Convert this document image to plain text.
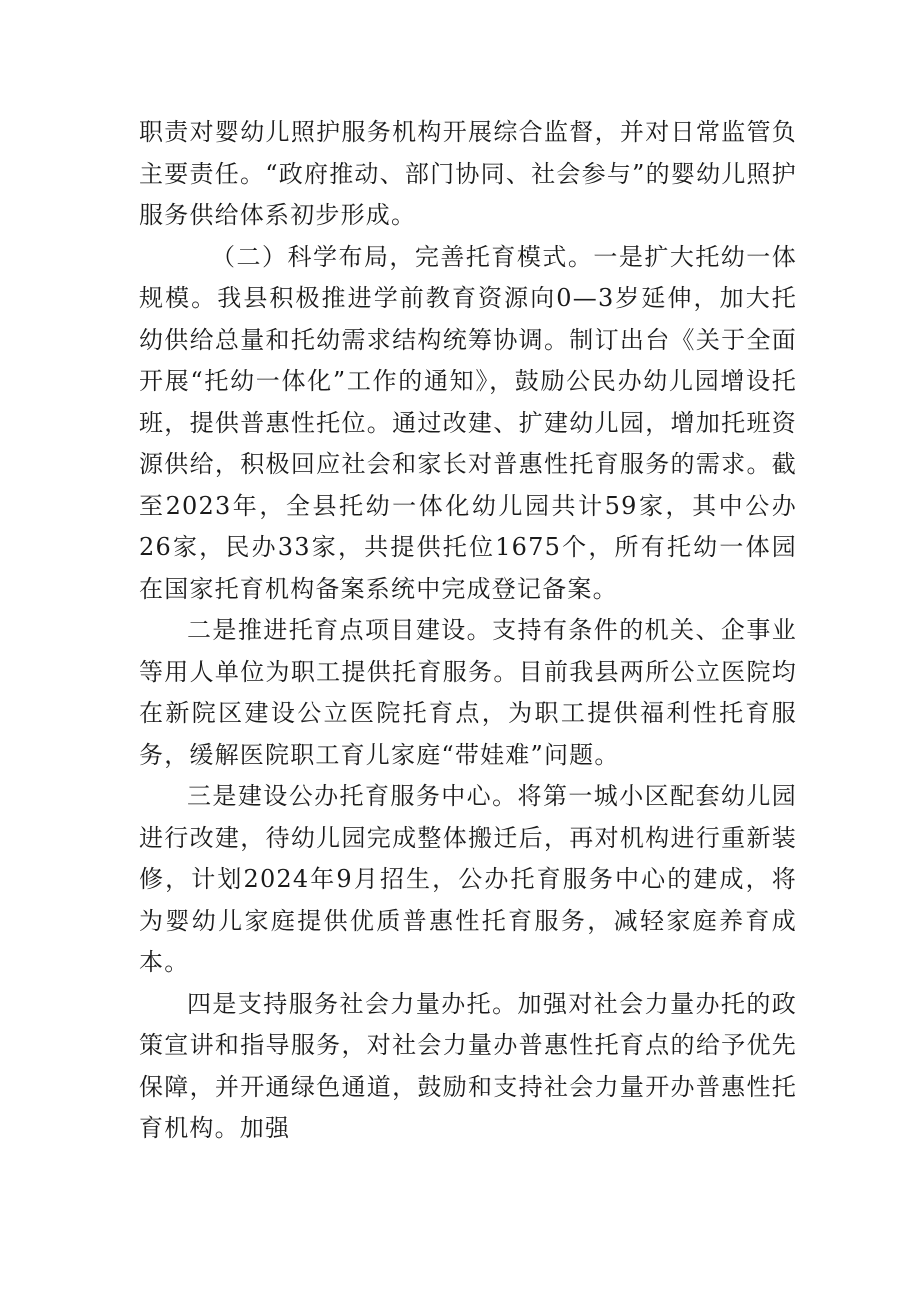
职责对婴幼儿照护服务机构开展综合监督，并对日常监管负主要责任。“政府推动、部门协同、社会参与”的婴幼儿照护服务供给体系初步形成。

（二）科学布局，完善托育模式。一是扩大托幼一体规模。我县积极推进学前教育资源向0—3岁延伸，加大托幼供给总量和托幼需求结构统筹协调。制订出台《关于全面开展“托幼一体化”工作的通知》，鼓励公民办幼儿园增设托班，提供普惠性托位。通过改建、扩建幼儿园，增加托班资源供给，积极回应社会和家长对普惠性托育服务的需求。截至2023年，全县托幼一体化幼儿园共计59家，其中公办26家，民办33家，共提供托位1675个，所有托幼一体园在国家托育机构备案系统中完成登记备案。

二是推进托育点项目建设。支持有条件的机关、企事业等用人单位为职工提供托育服务。目前我县两所公立医院均在新院区建设公立医院托育点，为职工提供福利性托育服务，缓解医院职工育儿家庭“带娃难”问题。

三是建设公办托育服务中心。将第一城小区配套幼儿园进行改建，待幼儿园完成整体搬迁后，再对机构进行重新装修，计划2024年9月招生，公办托育服务中心的建成，将为婴幼儿家庭提供优质普惠性托育服务，减轻家庭养育成本。

四是支持服务社会力量办托。加强对社会力量办托的政策宣讲和指导服务，对社会力量办普惠性托育点的给予优先保障，并开通绿色通道，鼓励和支持社会力量开办普惠性托育机构。加强
